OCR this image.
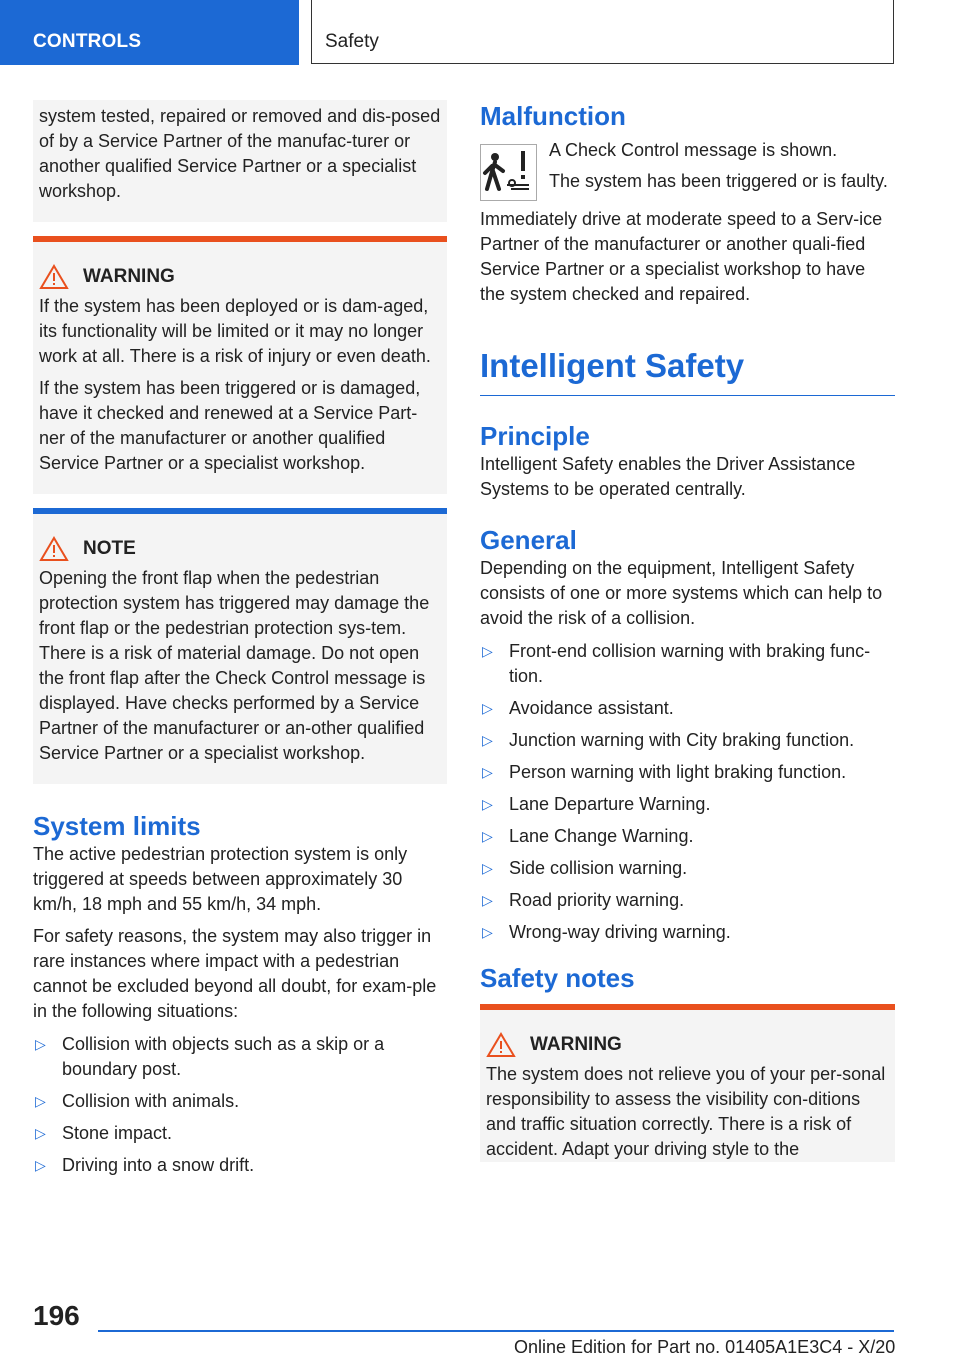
CONTROLS	Safety

system tested, repaired or removed and dis-posed of by a Service Partner of the manufac-turer or another qualified Service Partner or a specialist workshop.

WARNING

If the system has been deployed or is dam-aged, its functionality will be limited or it may no longer work at all. There is a risk of injury or even death.

If the system has been triggered or is damaged, have it checked and renewed at a Service Part-ner of the manufacturer or another qualified Service Partner or a specialist workshop.

NOTE

Opening the front flap when the pedestrian protection system has triggered may damage the front flap or the pedestrian protection sys-tem. There is a risk of material damage. Do not open the front flap after the Check Control message is displayed. Have checks performed by a Service Partner of the manufacturer or an-other qualified Service Partner or a specialist workshop.

System limits

The active pedestrian protection system is only triggered at speeds between approximately 30 km/h, 18 mph and 55 km/h, 34 mph.

For safety reasons, the system may also trigger in rare instances where impact with a pedestrian cannot be excluded beyond all doubt, for exam-ple in the following situations:

▷ Collision with objects such as a skip or a boundary post.
▷ Collision with animals.
▷ Stone impact.
▷ Driving into a snow drift.
Malfunction

A Check Control message is shown.

The system has been triggered or is faulty.

Immediately drive at moderate speed to a Serv-ice Partner of the manufacturer or another quali-fied Service Partner or a specialist workshop to have the system checked and repaired.

Intelligent Safety
Principle

Intelligent Safety enables the Driver Assistance Systems to be operated centrally.

General

Depending on the equipment, Intelligent Safety consists of one or more systems which can help to avoid the risk of a collision.

▷ Front-end collision warning with braking func-tion.
▷ Avoidance assistant.
▷ Junction warning with City braking function.
▷ Person warning with light braking function.
▷ Lane Departure Warning.
▷ Lane Change Warning.
▷ Side collision warning.
▷ Road priority warning.
▷ Wrong-way driving warning.
Safety notes
WARNING

The system does not relieve you of your per-sonal responsibility to assess the visibility con-ditions and traffic situation correctly. There is a risk of accident. Adapt your driving style to the

196
Online Edition for Part no. 01405A1E3C4 - X/20
